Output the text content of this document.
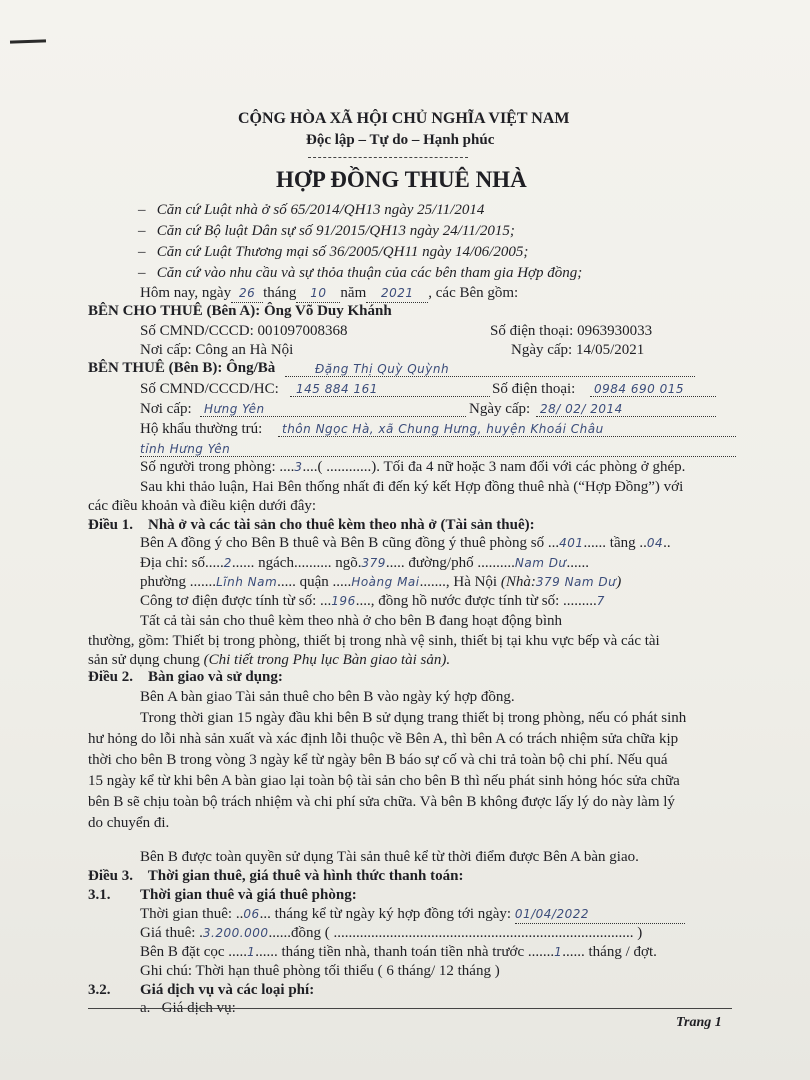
CỘNG HÒA XÃ HỘI CHỦ NGHĨA VIỆT NAM
Độc lập – Tự do – Hạnh phúc
HỢP ĐỒNG THUÊ NHÀ
–   Căn cứ Luật nhà ở số 65/2014/QH13 ngày 25/11/2014
–   Căn cứ Bộ luật Dân sự số 91/2015/QH13 ngày 24/11/2015;
–   Căn cứ Luật Thương mại số 36/2005/QH11 ngày 14/06/2005;
–   Căn cứ vào nhu cầu và sự thỏa thuận của các bên tham gia Hợp đồng;
Hôm nay, ngày 26 tháng 10 năm 2021 , các Bên gồm:
BÊN CHO THUÊ (Bên A): Ông Võ Duy Khánh
Số CMND/CCCD: 001097008368	Số điện thoại: 0963930033
Nơi cấp: Công an Hà Nội	Ngày cấp: 14/05/2021
BÊN THUÊ (Bên B): Ông/Bà	Đặng Thị Quỳ Quỳnh
Số CMND/CCCD/HC:	145 884 161	Số điện thoại:	0984 690 015
Nơi cấp:	Hưng Yên	Ngày cấp: 28/ 02/ 2014
Hộ khẩu thường trú:	thôn Ngọc Hà, xã Chung Hưng, huyện Khoái Châu
tỉnh Hưng Yên
Số người trong phòng: ....3....( ............). Tối đa 4 nữ hoặc 3 nam đối với các phòng ở ghép.
Sau khi thảo luận, Hai Bên thống nhất đi đến ký kết Hợp đồng thuê nhà (“Hợp Đồng”) với
các điều khoản và điều kiện dưới đây:
Điều 1.    Nhà ở và các tài sản cho thuê kèm theo nhà ở (Tài sản thuê):
Bên A đồng ý cho Bên B thuê và Bên B cũng đồng ý thuê phòng số ...401...... tầng ..04..
Địa chỉ: số.....2...... ngách.......... ngõ.379..... đường/phố ..........Nam Dư......
phường .......Lĩnh Nam..... quận .....Hoàng Mai......., Hà Nội (Nhà:379 Nam Dư)
Công tơ điện được tính từ số: ...196...., đồng hồ nước được tính từ số: .........7
Tất cả tài sản cho thuê kèm theo nhà ở cho bên B đang hoạt động bình
thường, gồm: Thiết bị trong phòng, thiết bị trong nhà vệ sinh, thiết bị tại khu vực bếp và các tài
sản sử dụng chung (Chi tiết trong Phụ lục Bàn giao tài sản).
Điều 2.    Bàn giao và sử dụng:
Bên A bàn giao Tài sản thuê cho bên B vào ngày ký hợp đồng.
Trong thời gian 15 ngày đầu khi bên B sử dụng trang thiết bị trong phòng, nếu có phát sinh
hư hỏng do lỗi nhà sản xuất và xác định lỗi thuộc về Bên A, thì bên A có trách nhiệm sửa chữa kịp
thời cho bên B trong vòng 3 ngày kể từ ngày bên B báo sự cố và chi trả toàn bộ chi phí. Nếu quá
15 ngày kể từ khi bên A bàn giao lại toàn bộ tài sản cho bên B thì nếu phát sinh hỏng hóc sửa chữa
bên B sẽ chịu toàn bộ trách nhiệm và chi phí sửa chữa. Và bên B không được lấy lý do này làm lý
do chuyển đi.
Bên B được toàn quyền sử dụng Tài sản thuê kể từ thời điểm được Bên A bàn giao.
Điều 3.    Thời gian thuê, giá thuê và hình thức thanh toán:
3.1. Thời gian thuê và giá thuê phòng:
Thời gian thuê: ..06... tháng kể từ ngày ký hợp đồng tới ngày: 01/04/2022
Giá thuê: .3.200.000......đồng ( ................................................................................ )
Bên B đặt cọc .....1...... tháng tiền nhà, thanh toán tiền nhà trước .......1...... tháng / đợt.
Ghi chú: Thời hạn thuê phòng tối thiểu ( 6 tháng/ 12 tháng )
3.2. Giá dịch vụ và các loại phí:
a.   Giá dịch vụ:
Trang 1
